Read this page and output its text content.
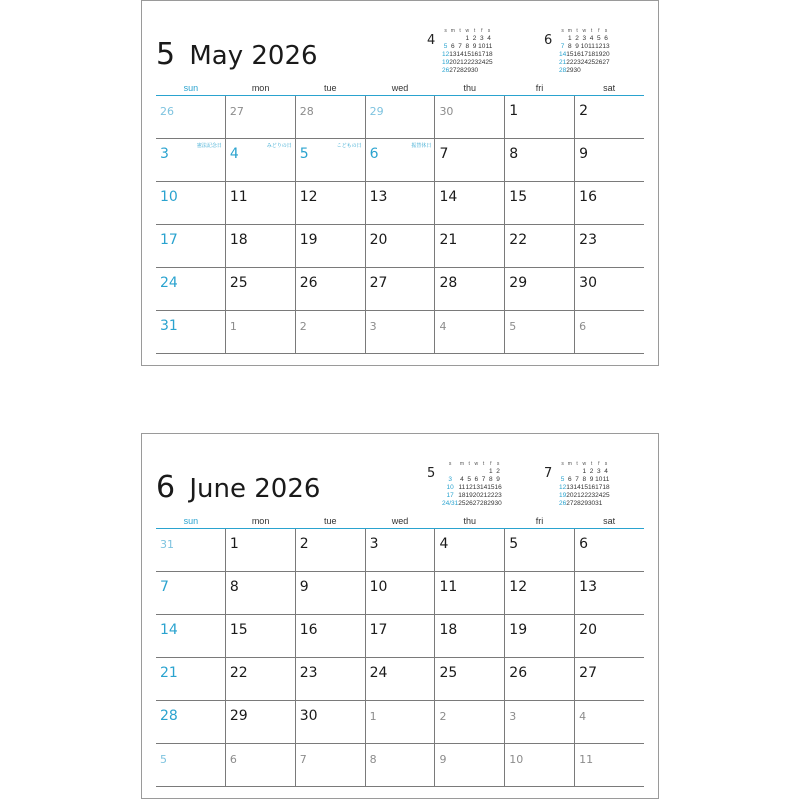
5 May 2026
4
s	m	t	w	t	f	s
			1	2	3	4
5	6	7	8	9	10	11
12	13	14	15	16	17	18
19	20	21	22	23	24	25
26	27	28	29	30		
6
s	m	t	w	t	f	s
	1	2	3	4	5	6
7	8	9	10	11	12	13
14	15	16	17	18	19	20
21	22	23	24	25	26	27
28	29	30				
sun	mon	tue	wed	thu	fri	sat
26	27	28	29	30	1	2
3	憲法記念日 4	みどりの日 5	こどもの日 6	振替休日 7	8	9
10	11	12	13	14	15	16
17	18	19	20	21	22	23
24	25	26	27	28	29	30
31	1	2	3	4	5	6
6 June 2026
5
s	m	t	w	t	f	s
					1	2
3	4	5	6	7	8	9
10	11	12	13	14	15	16
17	18	19	20	21	22	23
24/31	25	26	27	28	29	30
7
s	m	t	w	t	f	s
			1	2	3	4
5	6	7	8	9	10	11
12	13	14	15	16	17	18
19	20	21	22	23	24	25
26	27	28	29	30	31	
sun	mon	tue	wed	thu	fri	sat
31	1	2	3	4	5	6
7	8	9	10	11	12	13
14	15	16	17	18	19	20
21	22	23	24	25	26	27
28	29	30	1	2	3	4
5	6	7	8	9	10	11
